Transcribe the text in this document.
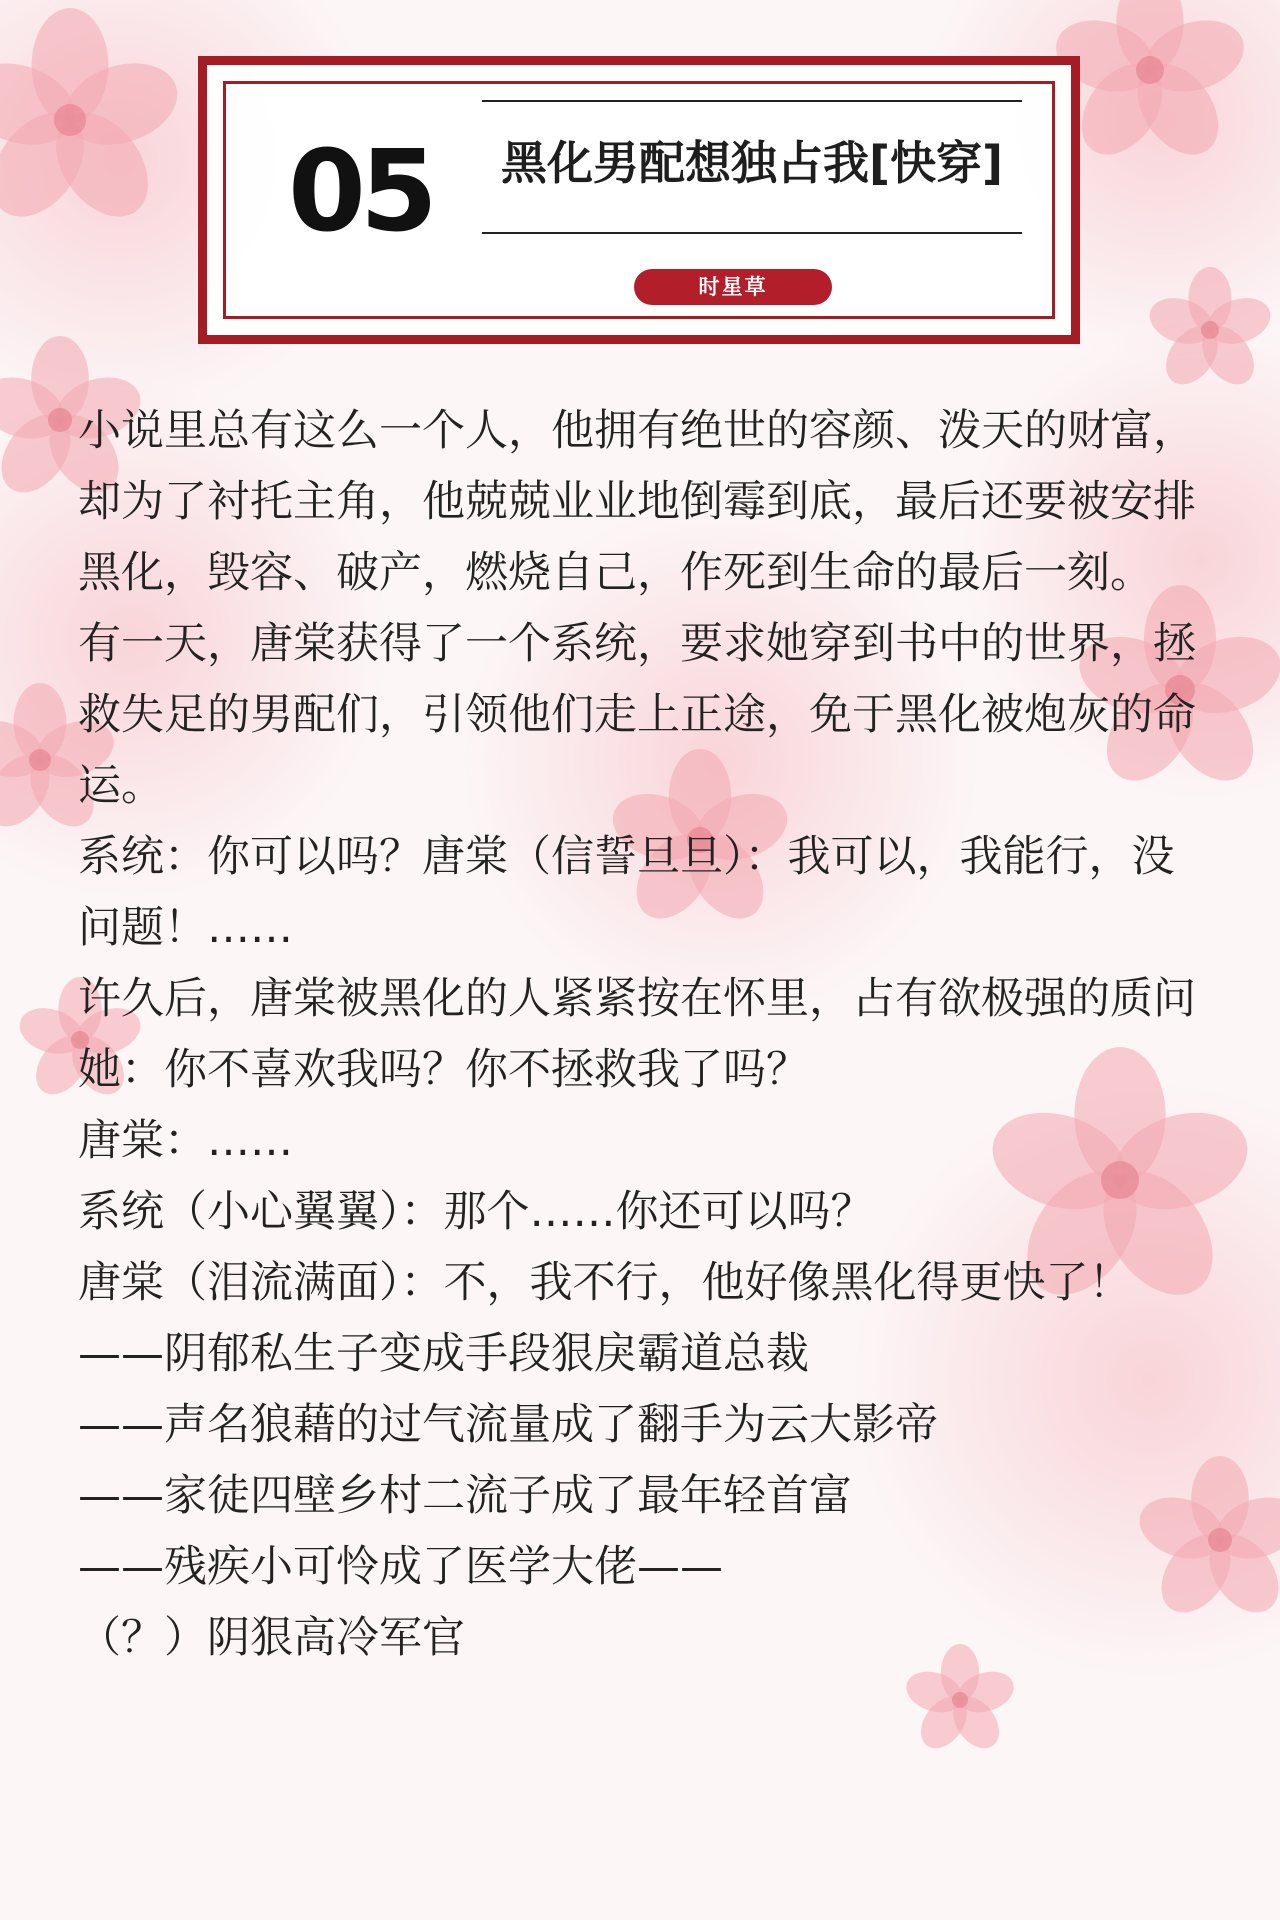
05	黑化男配想独占我[快穿]
时星草

小说里总有这么一个人，他拥有绝世的容颜、泼天的财富，却为了衬托主角，他兢兢业业地倒霉到底，最后还要被安排黑化，毁容、破产，燃烧自己，作死到生命的最后一刻。

有一天，唐棠获得了一个系统，要求她穿到书中的世界，拯救失足的男配们，引领他们走上正途，免于黑化被炮灰的命运。

系统：你可以吗？唐棠（信誓旦旦）：我可以，我能行，没问题！……

许久后，唐棠被黑化的人紧紧按在怀里，占有欲极强的质问她：你不喜欢我吗？你不拯救我了吗？

唐棠：……

系统（小心翼翼）：那个……你还可以吗？

唐棠（泪流满面）：不，我不行，他好像黑化得更快了！

——阴郁私生子变成手段狠戾霸道总裁

——声名狼藉的过气流量成了翻手为云大影帝

——家徒四壁乡村二流子成了最年轻首富

——残疾小可怜成了医学大佬——

（？）阴狠高冷军官
